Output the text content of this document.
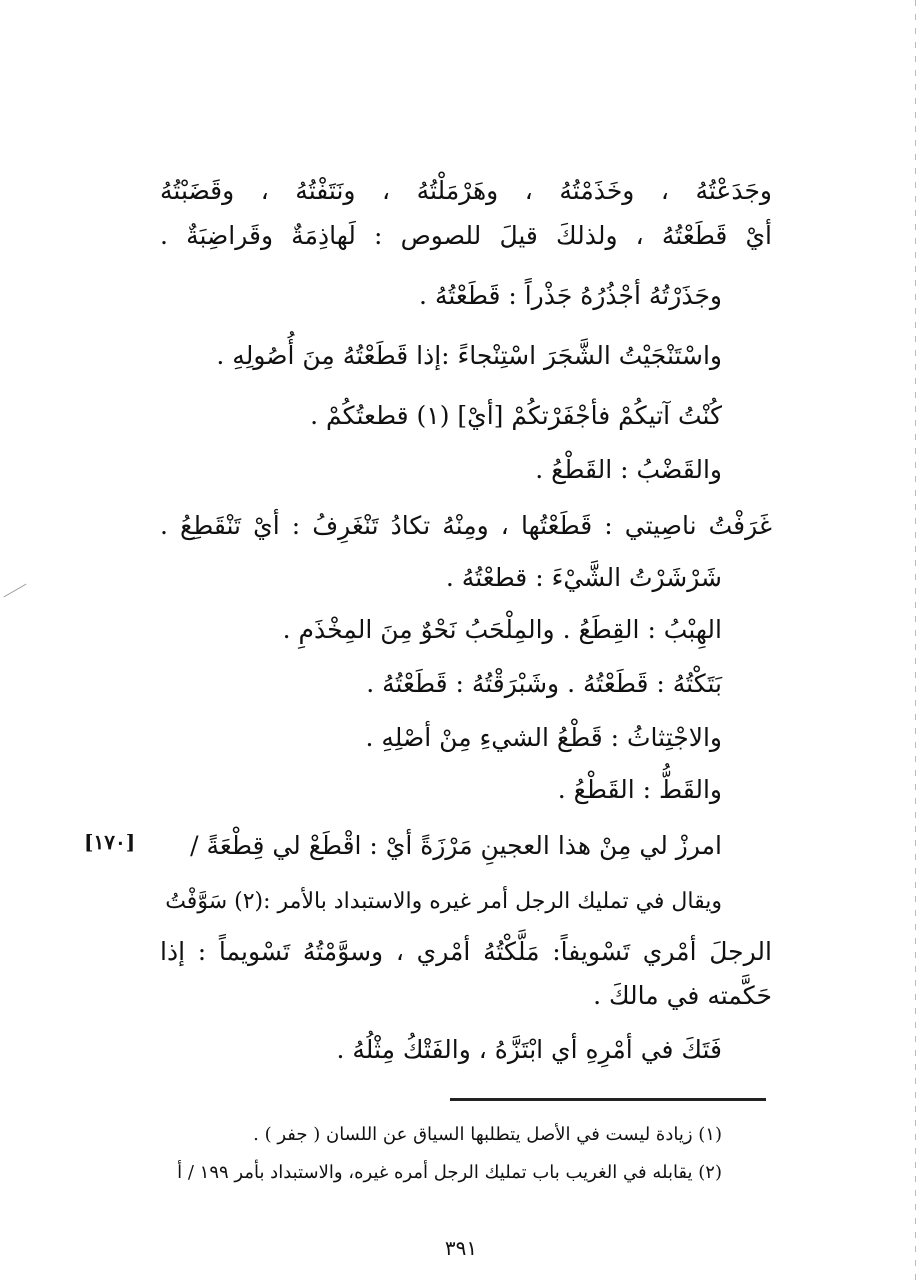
وجَدَعْتُهُ ، وخَذَمْتُهُ ، وهَرْمَلْتُهُ ، ونَتَفْتُهُ ، وقَضَبْتُهُ
أيْ قَطَعْتُهُ ، ولذلكَ قيلَ للصوص : لَهاذِمَةٌ وقَراضِبَةٌ .
وجَذَرْتُهُ أجْذُرُهُ جَذْراً : قَطَعْتُهُ .
واسْتَنْجَيْتُ الشَّجَرَ اسْتِنْجاءً :إذا قَطَعْتُهُ مِنَ أُصُولِهِ .
كُنْتُ آتيكُمْ فأجْفَرْتكُمْ [أيْ] (١) قطعتُكُمْ .
والقَضْبُ : القَطْعُ .
غَرَفْتُ ناصِيتي : قَطَعْتُها ، ومِنْهُ تكادُ تَنْغَرِفُ : أيْ تَنْقَطِعُ .
شَرْشَرْتُ الشَّيْءَ : قطعْتُهُ .
الهِبْبُ : القِطَعُ . والمِلْحَبُ نَحْوٌ مِنَ المِخْذَمِ .
بَتَكْتُهُ : قَطَعْتُهُ . وشَبْرَقْتُهُ : قَطَعْتُهُ .
والاجْتِثاثُ : قَطْعُ الشيءِ مِنْ أصْلِهِ .
والقَطُّ : القَطْعُ .
امرزْ لي مِنْ هذا العجينِ مَرْزَةً أيْ : اقْطَعْ لي قِطْعَةً /
[١٧٠]
ويقال في تمليك الرجل أمر غيره والاستبداد بالأمر :(٢) سَوَّفْتُ
الرجلَ أمْري تَسْويفاً: مَلَّكْتُهُ أمْري ، وسوَّمْتُهُ تَسْويماً : إذا
حَكَّمته في مالكَ .
فَتَكَ في أمْرِهِ أي ابْتَزَّهُ ، والفَتْكُ مِثْلُهُ .
(١) زيادة ليست في الأصل يتطلبها السياق عن اللسان ( جفر ) .
(٢) يقابله في الغريب باب تمليك الرجل أمره غيره، والاستبداد بأمر ١٩٩ / أ
٣٩١
